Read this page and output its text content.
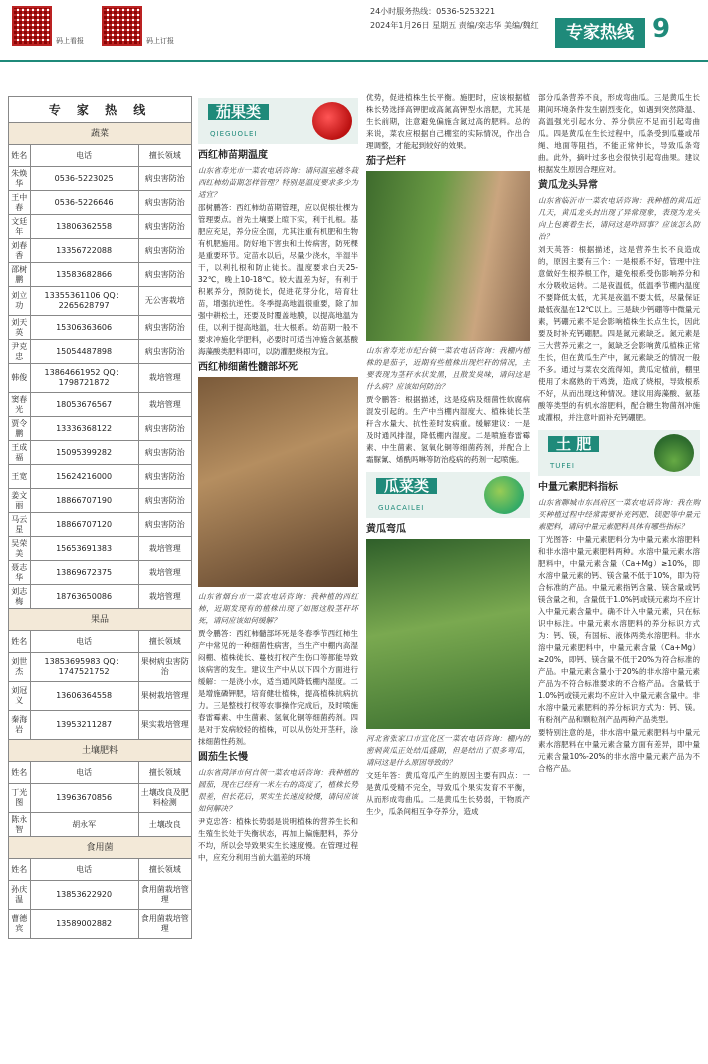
码上看报	码上订报
24小时服务热线：0536-5253221
2024年1月26日 星期五 责编/栾志华 美编/魏红	专家热线 9
专 家 热 线		
蔬菜		
姓名	电话	擅长领域
朱焕华	0536-5223025	病虫害防治
王中春	0536-5226646	病虫害防治
文廷年	13806362558	病虫害防治
刘春香	13356722088	病虫害防治
邵树鹏	13583682866	病虫害防治
刘立功	13355361106 QQ：2265628797	无公害栽培
刘天英	15306363606	病虫害防治
尹克忠	15054487898	病虫害防治
韩俊	13864661952 QQ：1798721872	栽培管理
窦春光	18053676567	栽培管理
贾令鹏	13336368122	病虫害防治
王成福	15095399282	病虫害防治
王宽	15624216000	病虫害防治
姜文丽	18866707190	病虫害防治
马云星	18866707120	病虫害防治
吴荣美	15653691383	栽培管理
聂志华	13869672375	栽培管理
刘志梅	18763650086	栽培管理
果品		
姓名	电话	擅长领域
刘世杰	13853695983 QQ：1747521752	果树病虫害防治
刘冠义	13606364558	果树栽培管理
秦海岩	13953211287	果实栽培管理
土壤肥料		
姓名	电话	擅长领域
丁光图	13963670856	土壤改良及肥料检测
陈永智	胡永军	土壤改良
食用菌		
姓名	电话	擅长领域
孙庆温	13853622920	食用菌栽培管理
曹德宾	13589002882	食用菌栽培管理
茄果类
QIEGUOLEI
西红柿苗期温度

山东省寿光市一菜农电话咨询：请问温室越冬栽西红柿幼苗期怎样管理？特别是温度要求多少为适宜？

邵树鹏答：西红柿幼苗期管理，应以促根壮棵为管理要点。首先土壤要上暄下实，利于扎根。基肥应充足，养分应全面，尤其注重有机肥和生物有机肥施用。防好地下害虫和土传病害，防死棵是重要环节。定苗水以后，尽量少浇水，半湿半干，以利扎根和防止徒长。温度要求白天25-32℃，晚上10-18℃。较大温差为好，有利于积累养分，预防徒长，促进花芽分化，培育壮苗，增强抗逆性。冬季提高地温很重要，除了加强中耕松土，还要及时覆盖地膜，以提高地温为佳，以利于提高地温，壮大根系。幼苗期一般不要求冲施化学肥料，必要时可适当冲施含氨基酸海藻酸类肥料即可，以防灌肥烧根为宜。

西红柿细菌性髓部坏死

山东省烟台市一菜农电话咨询：我种植的西红柿，近期发现有的植株出现了如图这般茎秆坏死，请问应该如何缓解？

贾令鹏答：西红柿髓部坏死是冬春季节西红柿生产中常见的一种细菌性病害，当生产中棚内高湿闷棚、植株徒长、蔓枝打杈产生伤口等都能导致该病害的发生。建议生产中从以下四个方面进行缓解：一是浇小水，适当通风降低棚内湿度。二是增施磷钾肥，培育健壮植株，提高植株抗病抗力。三是整枝打杈等农事操作完成后，及时喷施春雷霉素、中生菌素、氢氧化铜等细菌药剂。四是对于发病较轻的植株，可以从伤处开茎秆，涂抹细菌性药剂。

圆茄生长慢

山东省菏泽市何自领一菜农电话咨询：我种植的圆茄，现在已经有一米左右的高度了，植株长势很差，但长花后，果实生长速度较慢，请问应该如何解决？

尹克忠答：植株长势弱是说明植株的营养生长和生殖生长处于失衡状态，再加上偏施肥料，养分不均，所以会导致果实生长速度慢。在管理过程中，应充分利用当前大温差的环境

优势，促进植株生长平衡。施肥时，应该根据植株长势选择高钾肥或高氮高钾型水溶肥，尤其是生长前期，注意避免偏施含氮过高的肥料。总的来说，菜农应根据自己棚室的实际情况，作出合理调整，才能起到较好的效果。

茄子烂秆

山东省寿光市纪台镇一菜农电话咨询：我棚内植株的是茄子，近期有些植株出现烂秆的情况，主要表现为茎秆水状发黑，且散发臭味，请问这是什么病？应该如何防治？

贾令鹏答：根据描述，这是疫病及细菌性软腐病混发引起的。生产中当棚内湿度大、植株徒长茎秆含水量大、抗性差时发病重。缓解建议：一是及时通风排湿，降低棚内湿度。二是喷施春雷霉素、中生菌素、氢氧化铜等细菌药剂，并配合上霜脲氰、烯酰吗啉等防治疫病的药剂一起喷施。

瓜菜类
GUACAILEI
黄瓜弯瓜

河北省张家口市宣化区一菜农电话咨询：棚内的密刺黄瓜正处结瓜盛期，但是结出了很多弯瓜，请问这是什么原因导致的？

文廷年答：黄瓜弯瓜产生的原因主要有四点：一是黄瓜受精不完全，导致瓜个果实发育不平衡，从而形成弯曲瓜。二是黄瓜生长势弱，干物质产生少，瓜条间相互争夺养分，造成

部分瓜条营养不良，形成弯曲瓜。三是黄瓜生长期间环境条件发生剧烈变化，如遇到突然降温、高温强光引起水分、养分供应不足而引起弯曲瓜。四是黄瓜在生长过程中，瓜条受到瓜蔓或吊绳、地面等阻挡，不能正常伸长，导致瓜条弯曲。此外，摘叶过多也会很快引起弯曲果。建议根据发生原因合理应对。

黄瓜龙头异常

山东省临沂市一菜农电话咨询：我种植的黄瓜近几天，黄瓜龙头封出现了异常现象，表现为龙头向上包裹着生长，请问这是咋回事？应该怎么防治？

刘天英答：根据描述，这是营养生长不良造成的，原因主要有三个：一是根系不好，管理中注意做好生根养根工作，避免根系受伤影响养分和水分吸收运转。二是夜温低，低温季节棚内温度不要降低太低，尤其是夜温不要太低，尽量保证最低夜温在12℃以上。三是缺少钙硼等中微量元素，钙硼元素不足会影响植株生长点生长，因此要及时补充钙硼肥。四是氮元素缺乏。氮元素是三大营养元素之一，氮缺乏会影响黄瓜植株正常生长，但在黄瓜生产中，氮元素缺乏的情况一般不多。通过与菜农交流得知，黄瓜定植前，棚里使用了未腐熟的干鸡粪，造成了烧根，导致根系不好，从而出现这种情况。建议用海藻酸、氨基酸等类型的有机水溶肥料，配合糖生物菌剂冲施或灌根，并注意叶面补充钙硼肥。

土 肥
TUFEI
中量元素肥料指标

山东省聊城市东昌府区一菜农电话咨询：我在购买种植过程中经常需要补充钙肥、镁肥等中量元素肥料，请问中量元素肥料具体有哪些指标？

丁光图答：中量元素肥料分为中量元素水溶肥料和非水溶中量元素肥料两种。水溶中量元素水溶肥料中，中量元素含量（Ca+Mg）≥10%，即水溶中量元素的钙、镁含量不低于10%，即为符合标准的产品。中量元素指钙含量、镁含量或钙镁含量之和，含量低于1.0%钙或镁元素均不应计入中量元素含量中。确不计入中量元素，只在标识中标注。中量元素水溶肥料的养分标识方式为：钙、镁，有国标、液体两类水溶肥料。非水溶中量元素肥料中，中量元素含量（Ca+Mg）≥20%，即钙、镁含量不低于20%为符合标准的产品。中量元素含量小于20%的非水溶中量元素产品为不符合标准要求的不合格产品。含量低于1.0%钙或镁元素均不应计入中量元素含量中。非水溶中量元素肥料的养分标识方式为：钙、镁。有粉剂产品和颗粒剂产品两种产品类型。

要特别注意的是，非水溶中量元素肥料与中量元素水溶肥料在中量元素含量方面有差异，即中量元素含量10%-20%的非水溶中量元素产品为不合格产品。
